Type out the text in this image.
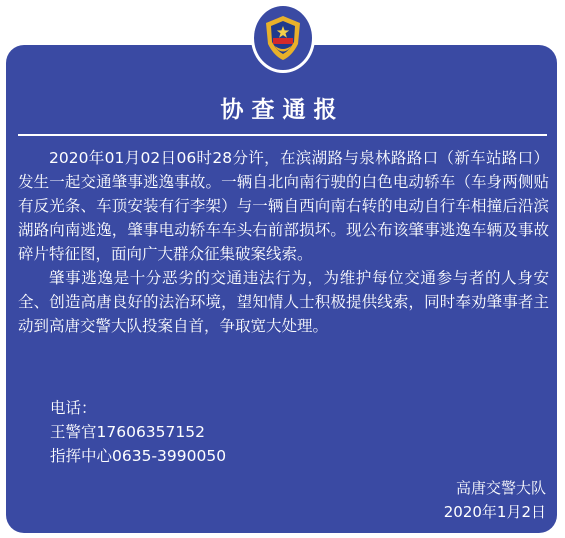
协查通报

2020年01月02日06时28分许，在滨湖路与泉林路路口（新车站路口）发生一起交通肇事逃逸事故。一辆自北向南行驶的白色电动轿车（车身两侧贴有反光条、车顶安装有行李架）与一辆自西向南右转的电动自行车相撞后沿滨湖路向南逃逸，肇事电动轿车车头右前部损坏。现公布该肇事逃逸车辆及事故碎片特征图，面向广大群众征集破案线索。

肇事逃逸是十分恶劣的交通违法行为，为维护每位交通参与者的人身安全、创造高唐良好的法治环境，望知情人士积极提供线索，同时奉劝肇事者主动到高唐交警大队投案自首，争取宽大处理。

电话：
王警官17606357152
指挥中心0635-3990050
高唐交警大队
2020年1月2日
